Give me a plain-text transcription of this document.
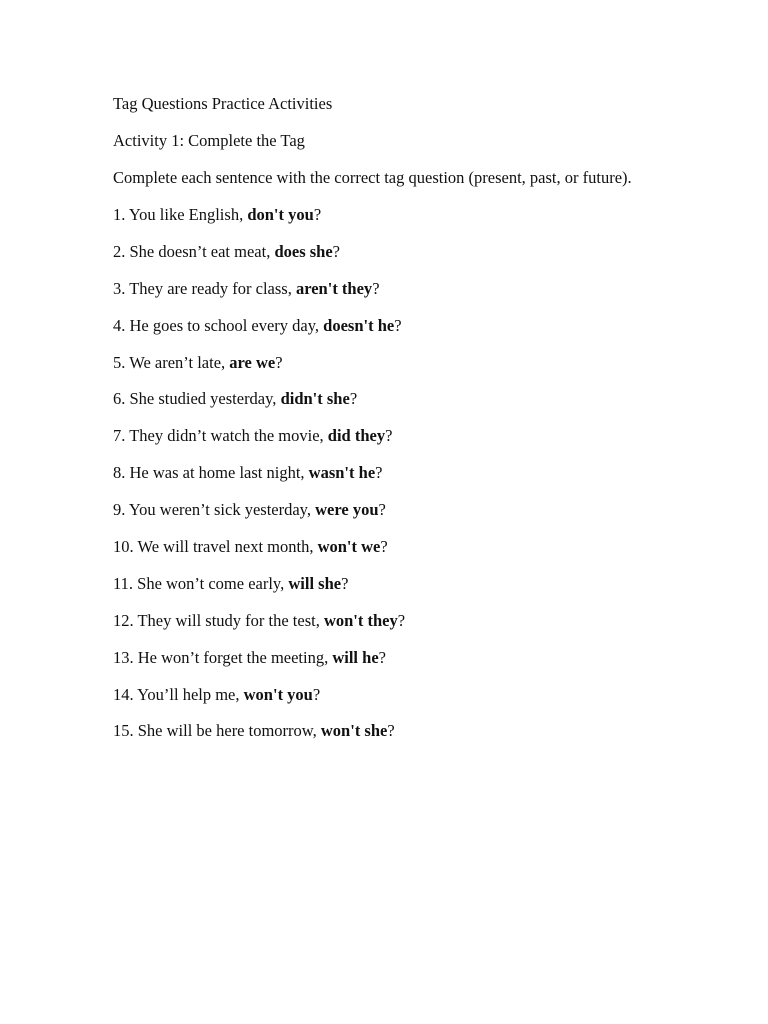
Tag Questions Practice Activities
Activity 1: Complete the Tag
Complete each sentence with the correct tag question (present, past, or future).
1. You like English, don't you?
2. She doesn’t eat meat, does she?
3. They are ready for class, aren't they?
4. He goes to school every day, doesn't he?
5. We aren’t late, are we?
6. She studied yesterday, didn't she?
7. They didn’t watch the movie, did they?
8. He was at home last night, wasn't he?
9. You weren’t sick yesterday, were you?
10. We will travel next month, won't we?
11. She won’t come early, will she?
12. They will study for the test, won't they?
13. He won’t forget the meeting, will he?
14. You’ll help me, won't you?
15. She will be here tomorrow, won't she?
